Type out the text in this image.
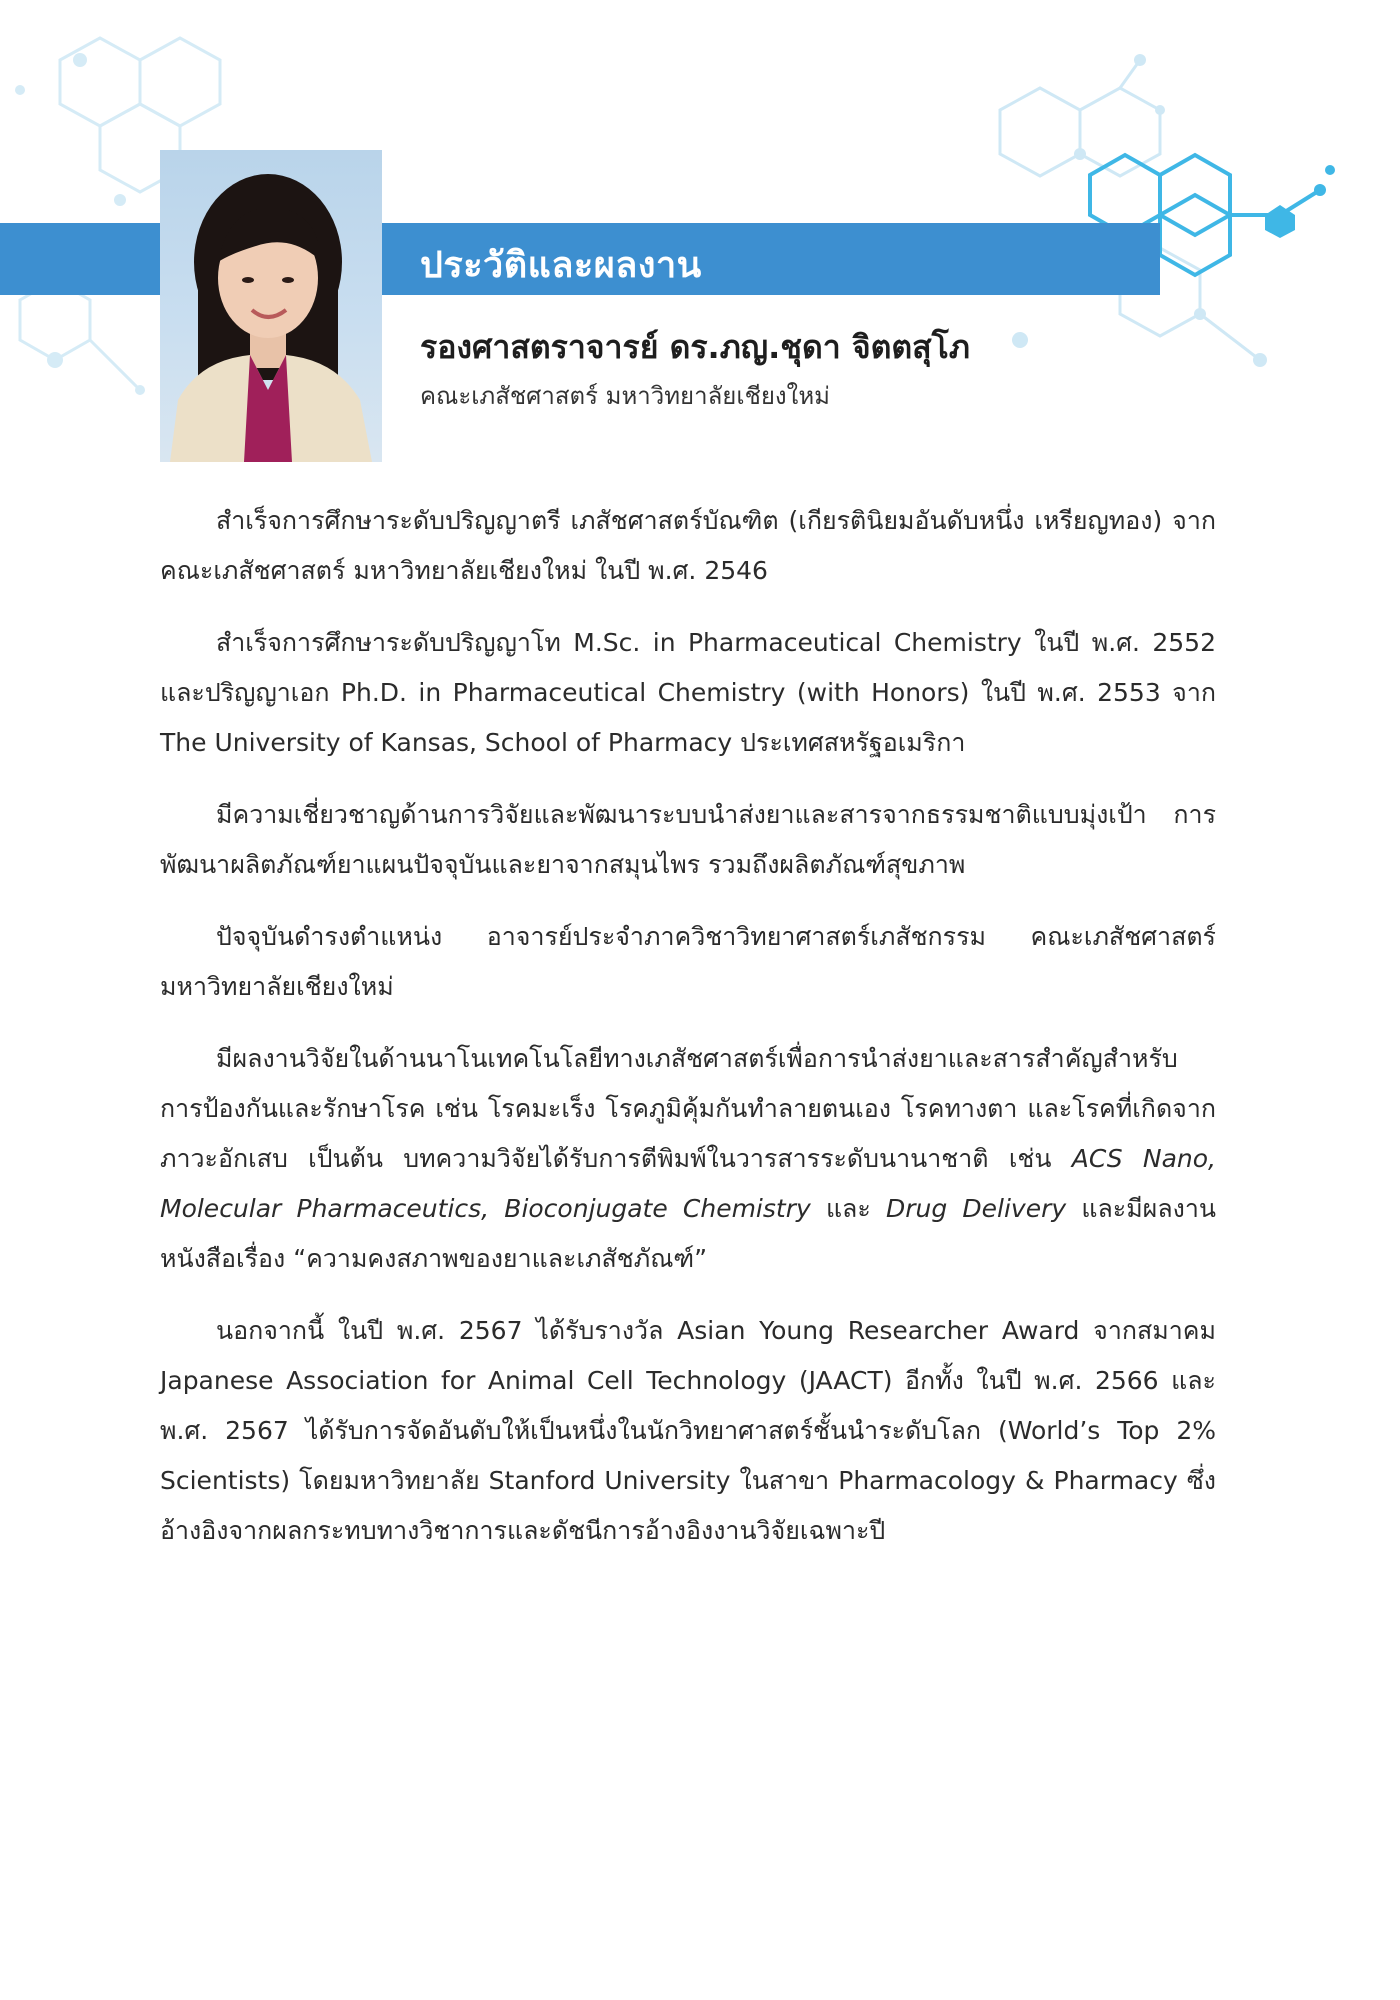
ประวัติและผลงาน
รองศาสตราจารย์ ดร.ภญ.ชุดา จิตตสุโภ
คณะเภสัชศาสตร์ มหาวิทยาลัยเชียงใหม่

สำเร็จการศึกษาระดับปริญญาตรี เภสัชศาสตร์บัณฑิต (เกียรตินิยมอันดับหนึ่ง เหรียญทอง) จาก คณะเภสัชศาสตร์ มหาวิทยาลัยเชียงใหม่ ในปี พ.ศ. 2546

สำเร็จการศึกษาระดับปริญญาโท M.Sc. in Pharmaceutical Chemistry ในปี พ.ศ. 2552 และปริญญาเอก Ph.D. in Pharmaceutical Chemistry (with Honors) ในปี พ.ศ. 2553 จาก The University of Kansas, School of Pharmacy ประเทศสหรัฐอเมริกา

มีความเชี่ยวชาญด้านการวิจัยและพัฒนาระบบนำส่งยาและสารจากธรรมชาติแบบมุ่งเป้า การพัฒนาผลิตภัณฑ์ยาแผนปัจจุบันและยาจากสมุนไพร รวมถึงผลิตภัณฑ์สุขภาพ

ปัจจุบันดำรงตำแหน่ง อาจารย์ประจำภาควิชาวิทยาศาสตร์เภสัชกรรม คณะเภสัชศาสตร์ มหาวิทยาลัยเชียงใหม่

มีผลงานวิจัยในด้านนาโนเทคโนโลยีทางเภสัชศาสตร์เพื่อการนำส่งยาและสารสำคัญสำหรับการป้องกันและรักษาโรค เช่น โรคมะเร็ง โรคภูมิคุ้มกันทำลายตนเอง โรคทางตา และโรคที่เกิดจากภาวะอักเสบ เป็นต้น บทความวิจัยได้รับการตีพิมพ์ในวารสารระดับนานาชาติ เช่น ACS Nano, Molecular Pharmaceutics, Bioconjugate Chemistry และ Drug Delivery และมีผลงานหนังสือเรื่อง “ความคงสภาพของยาและเภสัชภัณฑ์”

นอกจากนี้ ในปี พ.ศ. 2567 ได้รับรางวัล Asian Young Researcher Award จากสมาคม Japanese Association for Animal Cell Technology (JAACT) อีกทั้ง ในปี พ.ศ. 2566 และ พ.ศ. 2567 ได้รับการจัดอันดับให้เป็นหนึ่งในนักวิทยาศาสตร์ชั้นนำระดับโลก (World’s Top 2% Scientists) โดยมหาวิทยาลัย Stanford University ในสาขา Pharmacology & Pharmacy ซึ่งอ้างอิงจากผลกระทบทางวิชาการและดัชนีการอ้างอิงงานวิจัยเฉพาะปี
